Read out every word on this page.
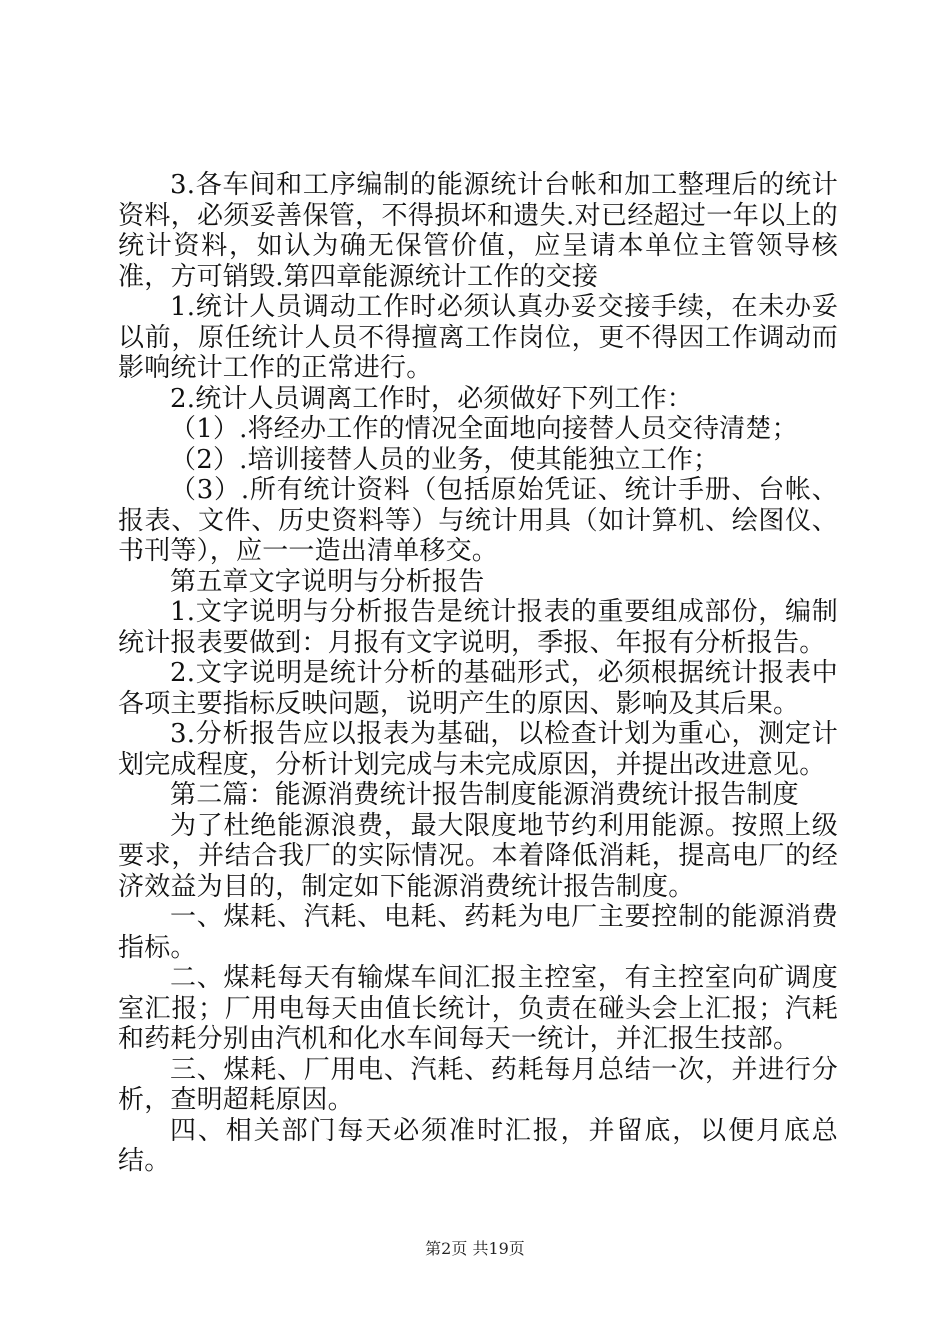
3.各车间和工序编制的能源统计台帐和加工整理后的统计资料，必须妥善保管，不得损坏和遗失.对已经超过一年以上的统计资料，如认为确无保管价值，应呈请本单位主管领导核准，方可销毁.第四章能源统计工作的交接

1.统计人员调动工作时必须认真办妥交接手续，在未办妥以前，原任统计人员不得擅离工作岗位，更不得因工作调动而影响统计工作的正常进行。

2.统计人员调离工作时，必须做好下列工作：

（1）.将经办工作的情况全面地向接替人员交待清楚；

（2）.培训接替人员的业务，使其能独立工作；

（3）.所有统计资料（包括原始凭证、统计手册、台帐、报表、文件、历史资料等）与统计用具（如计算机、绘图仪、书刊等），应一一造出清单移交。

第五章文字说明与分析报告

1.文字说明与分析报告是统计报表的重要组成部份，编制统计报表要做到：月报有文字说明，季报、年报有分析报告。

2.文字说明是统计分析的基础形式，必须根据统计报表中各项主要指标反映问题，说明产生的原因、影响及其后果。

3.分析报告应以报表为基础，以检查计划为重心，测定计划完成程度，分析计划完成与未完成原因，并提出改进意见。

第二篇：能源消费统计报告制度能源消费统计报告制度

为了杜绝能源浪费，最大限度地节约利用能源。按照上级要求，并结合我厂的实际情况。本着降低消耗，提高电厂的经济效益为目的，制定如下能源消费统计报告制度。

一、煤耗、汽耗、电耗、药耗为电厂主要控制的能源消费指标。

二、煤耗每天有输煤车间汇报主控室，有主控室向矿调度室汇报；厂用电每天由值长统计，负责在碰头会上汇报；汽耗和药耗分别由汽机和化水车间每天一统计，并汇报生技部。

三、煤耗、厂用电、汽耗、药耗每月总结一次，并进行分析，查明超耗原因。

四、相关部门每天必须准时汇报，并留底，以便月底总结。

第2页 共19页
